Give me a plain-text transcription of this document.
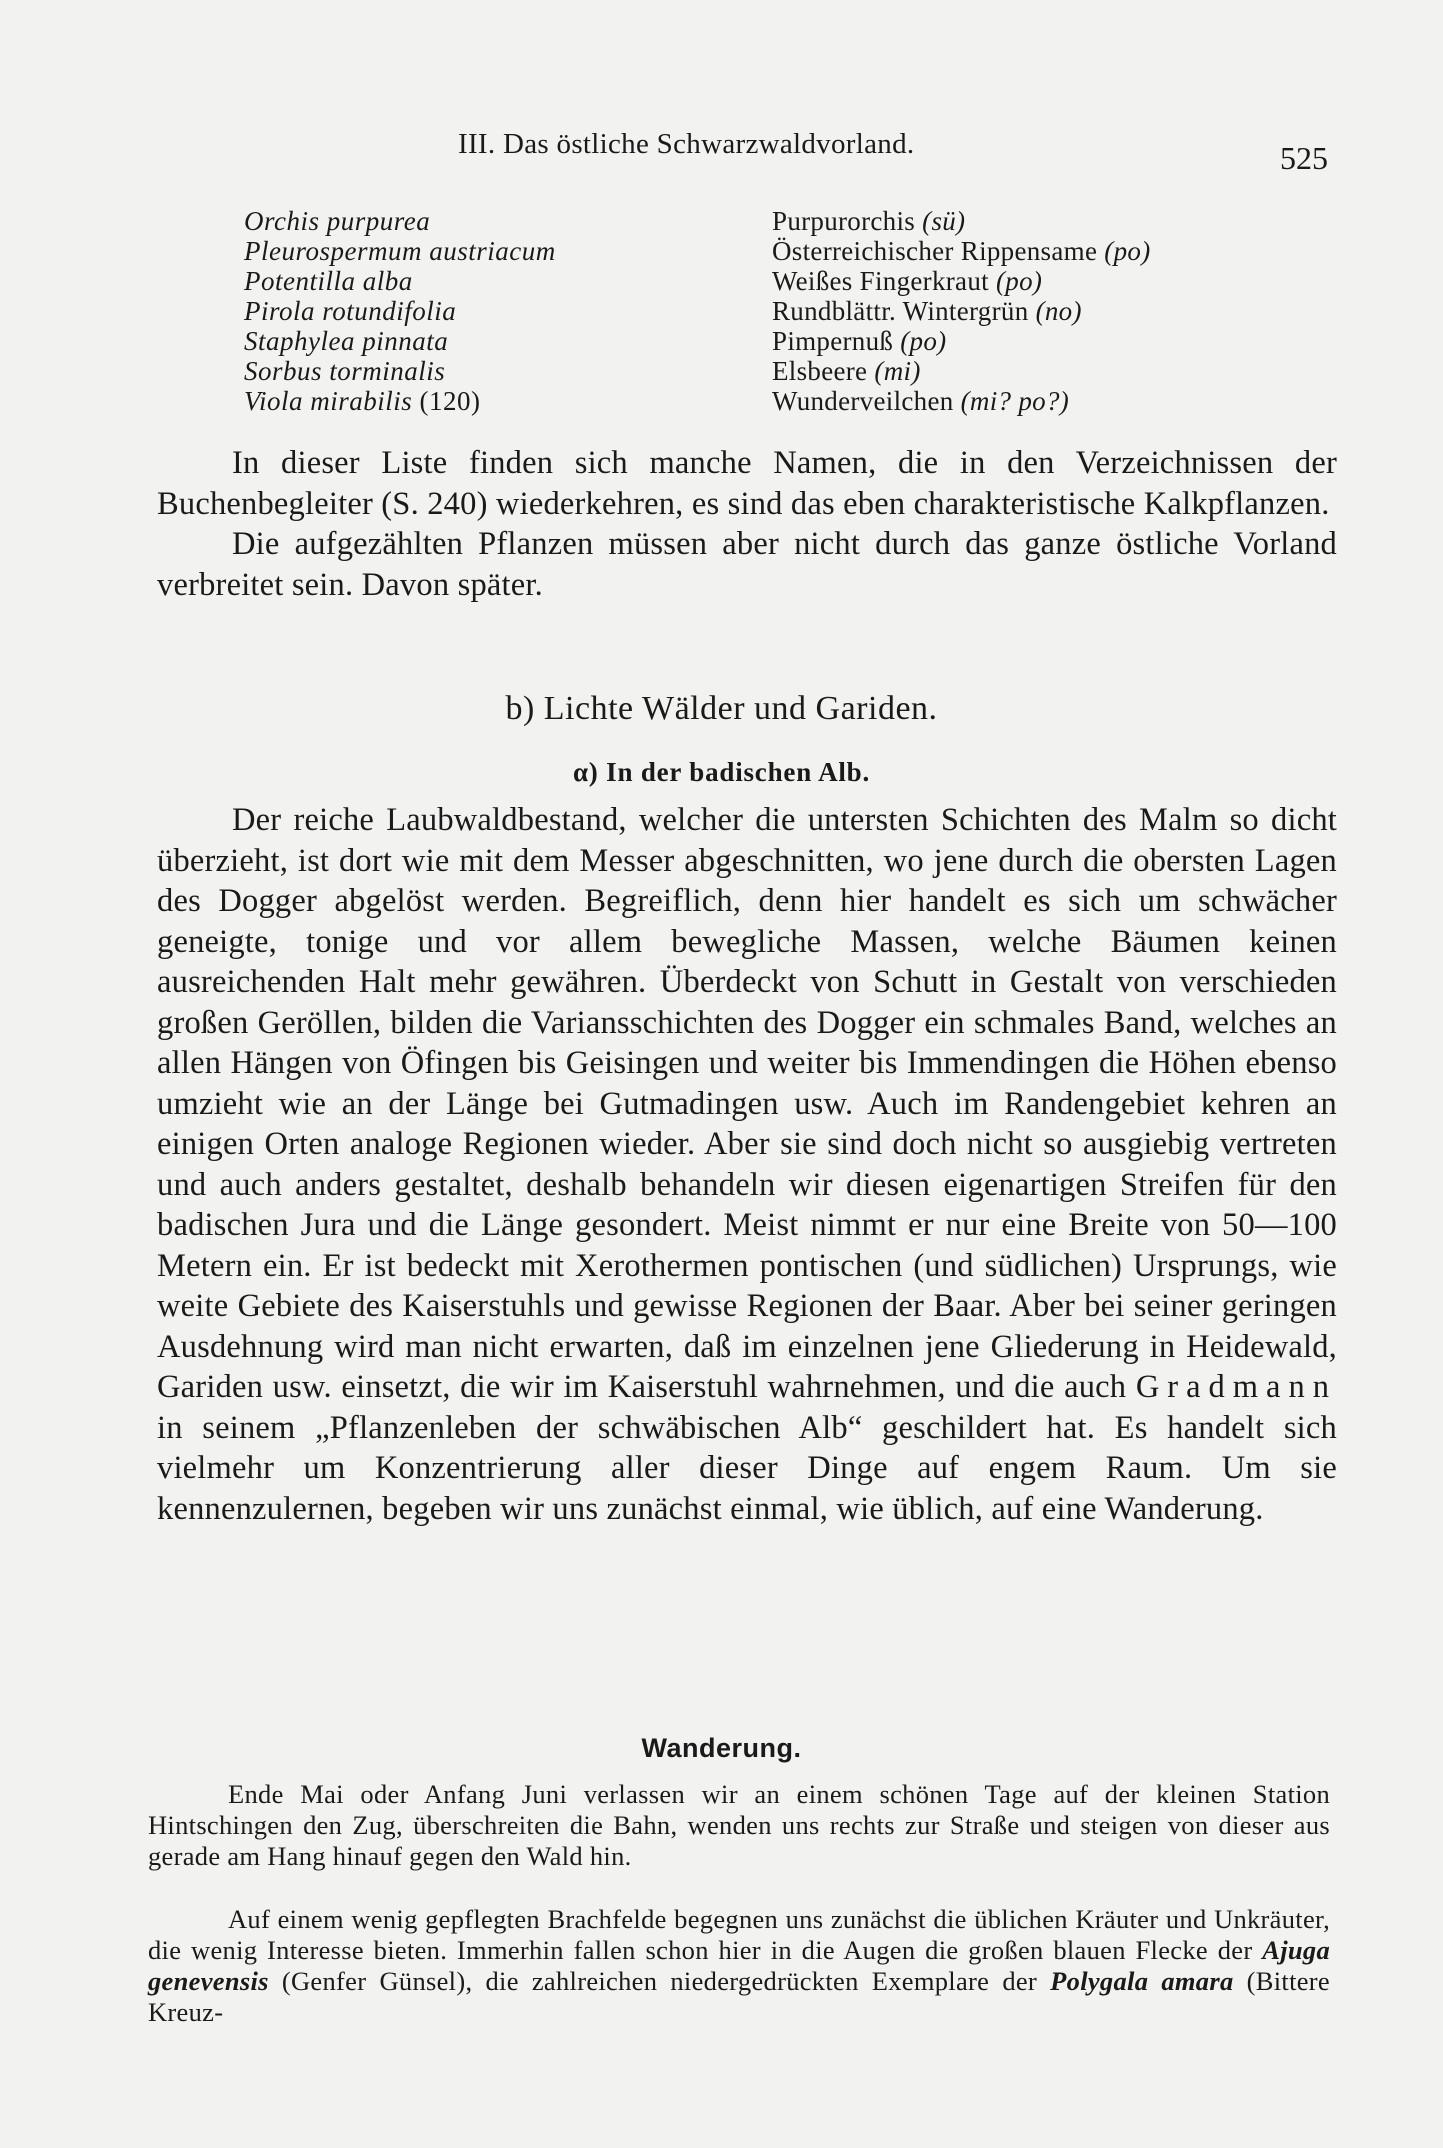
III. Das östliche Schwarzwaldvorland.	525
Orchis purpurea	Purpurorchis (sü)
Pleurospermum austriacum	Österreichischer Rippensame (po)
Potentilla alba	Weißes Fingerkraut (po)
Pirola rotundifolia	Rundblättr. Wintergrün (no)
Staphylea pinnata	Pimpernuß (po)
Sorbus torminalis	Elsbeere (mi)
Viola mirabilis (120)	Wunderveilchen (mi? po?)

In dieser Liste finden sich manche Namen, die in den Verzeichnissen der Buchenbegleiter (S. 240) wiederkehren, es sind das eben charakteristische Kalkpflanzen.

Die aufgezählten Pflanzen müssen aber nicht durch das ganze östliche Vorland verbreitet sein. Davon später.

b) Lichte Wälder und Gariden.
α) In der badischen Alb.

Der reiche Laubwaldbestand, welcher die untersten Schichten des Malm so dicht überzieht, ist dort wie mit dem Messer abgeschnitten, wo jene durch die obersten Lagen des Dogger abgelöst werden. Begreiflich, denn hier handelt es sich um schwächer geneigte, tonige und vor allem bewegliche Massen, welche Bäumen keinen ausreichenden Halt mehr gewähren. Überdeckt von Schutt in Gestalt von verschieden großen Geröllen, bilden die Variansschichten des Dogger ein schmales Band, welches an allen Hängen von Öfingen bis Geisingen und weiter bis Immendingen die Höhen ebenso umzieht wie an der Länge bei Gutmadingen usw. Auch im Randengebiet kehren an einigen Orten analoge Regionen wieder. Aber sie sind doch nicht so ausgiebig vertreten und auch anders gestaltet, deshalb behandeln wir diesen eigenartigen Streifen für den badischen Jura und die Länge gesondert. Meist nimmt er nur eine Breite von 50—100 Metern ein. Er ist bedeckt mit Xerothermen pontischen (und südlichen) Ursprungs, wie weite Gebiete des Kaiserstuhls und gewisse Regionen der Baar. Aber bei seiner geringen Ausdehnung wird man nicht erwarten, daß im einzelnen jene Gliederung in Heidewald, Gariden usw. einsetzt, die wir im Kaiserstuhl wahrnehmen, und die auch Gradmann in seinem „Pflanzenleben der schwäbischen Alb“ geschildert hat. Es handelt sich vielmehr um Konzentrierung aller dieser Dinge auf engem Raum. Um sie kennenzulernen, begeben wir uns zunächst einmal, wie üblich, auf eine Wanderung.

Wanderung.

Ende Mai oder Anfang Juni verlassen wir an einem schönen Tage auf der kleinen Station Hintschingen den Zug, überschreiten die Bahn, wenden uns rechts zur Straße und steigen von dieser aus gerade am Hang hinauf gegen den Wald hin.

Auf einem wenig gepflegten Brachfelde begegnen uns zunächst die üblichen Kräuter und Unkräuter, die wenig Interesse bieten. Immerhin fallen schon hier in die Augen die großen blauen Flecke der Ajuga genevensis (Genfer Günsel), die zahlreichen niedergedrückten Exemplare der Polygala amara (Bittere Kreuz-
